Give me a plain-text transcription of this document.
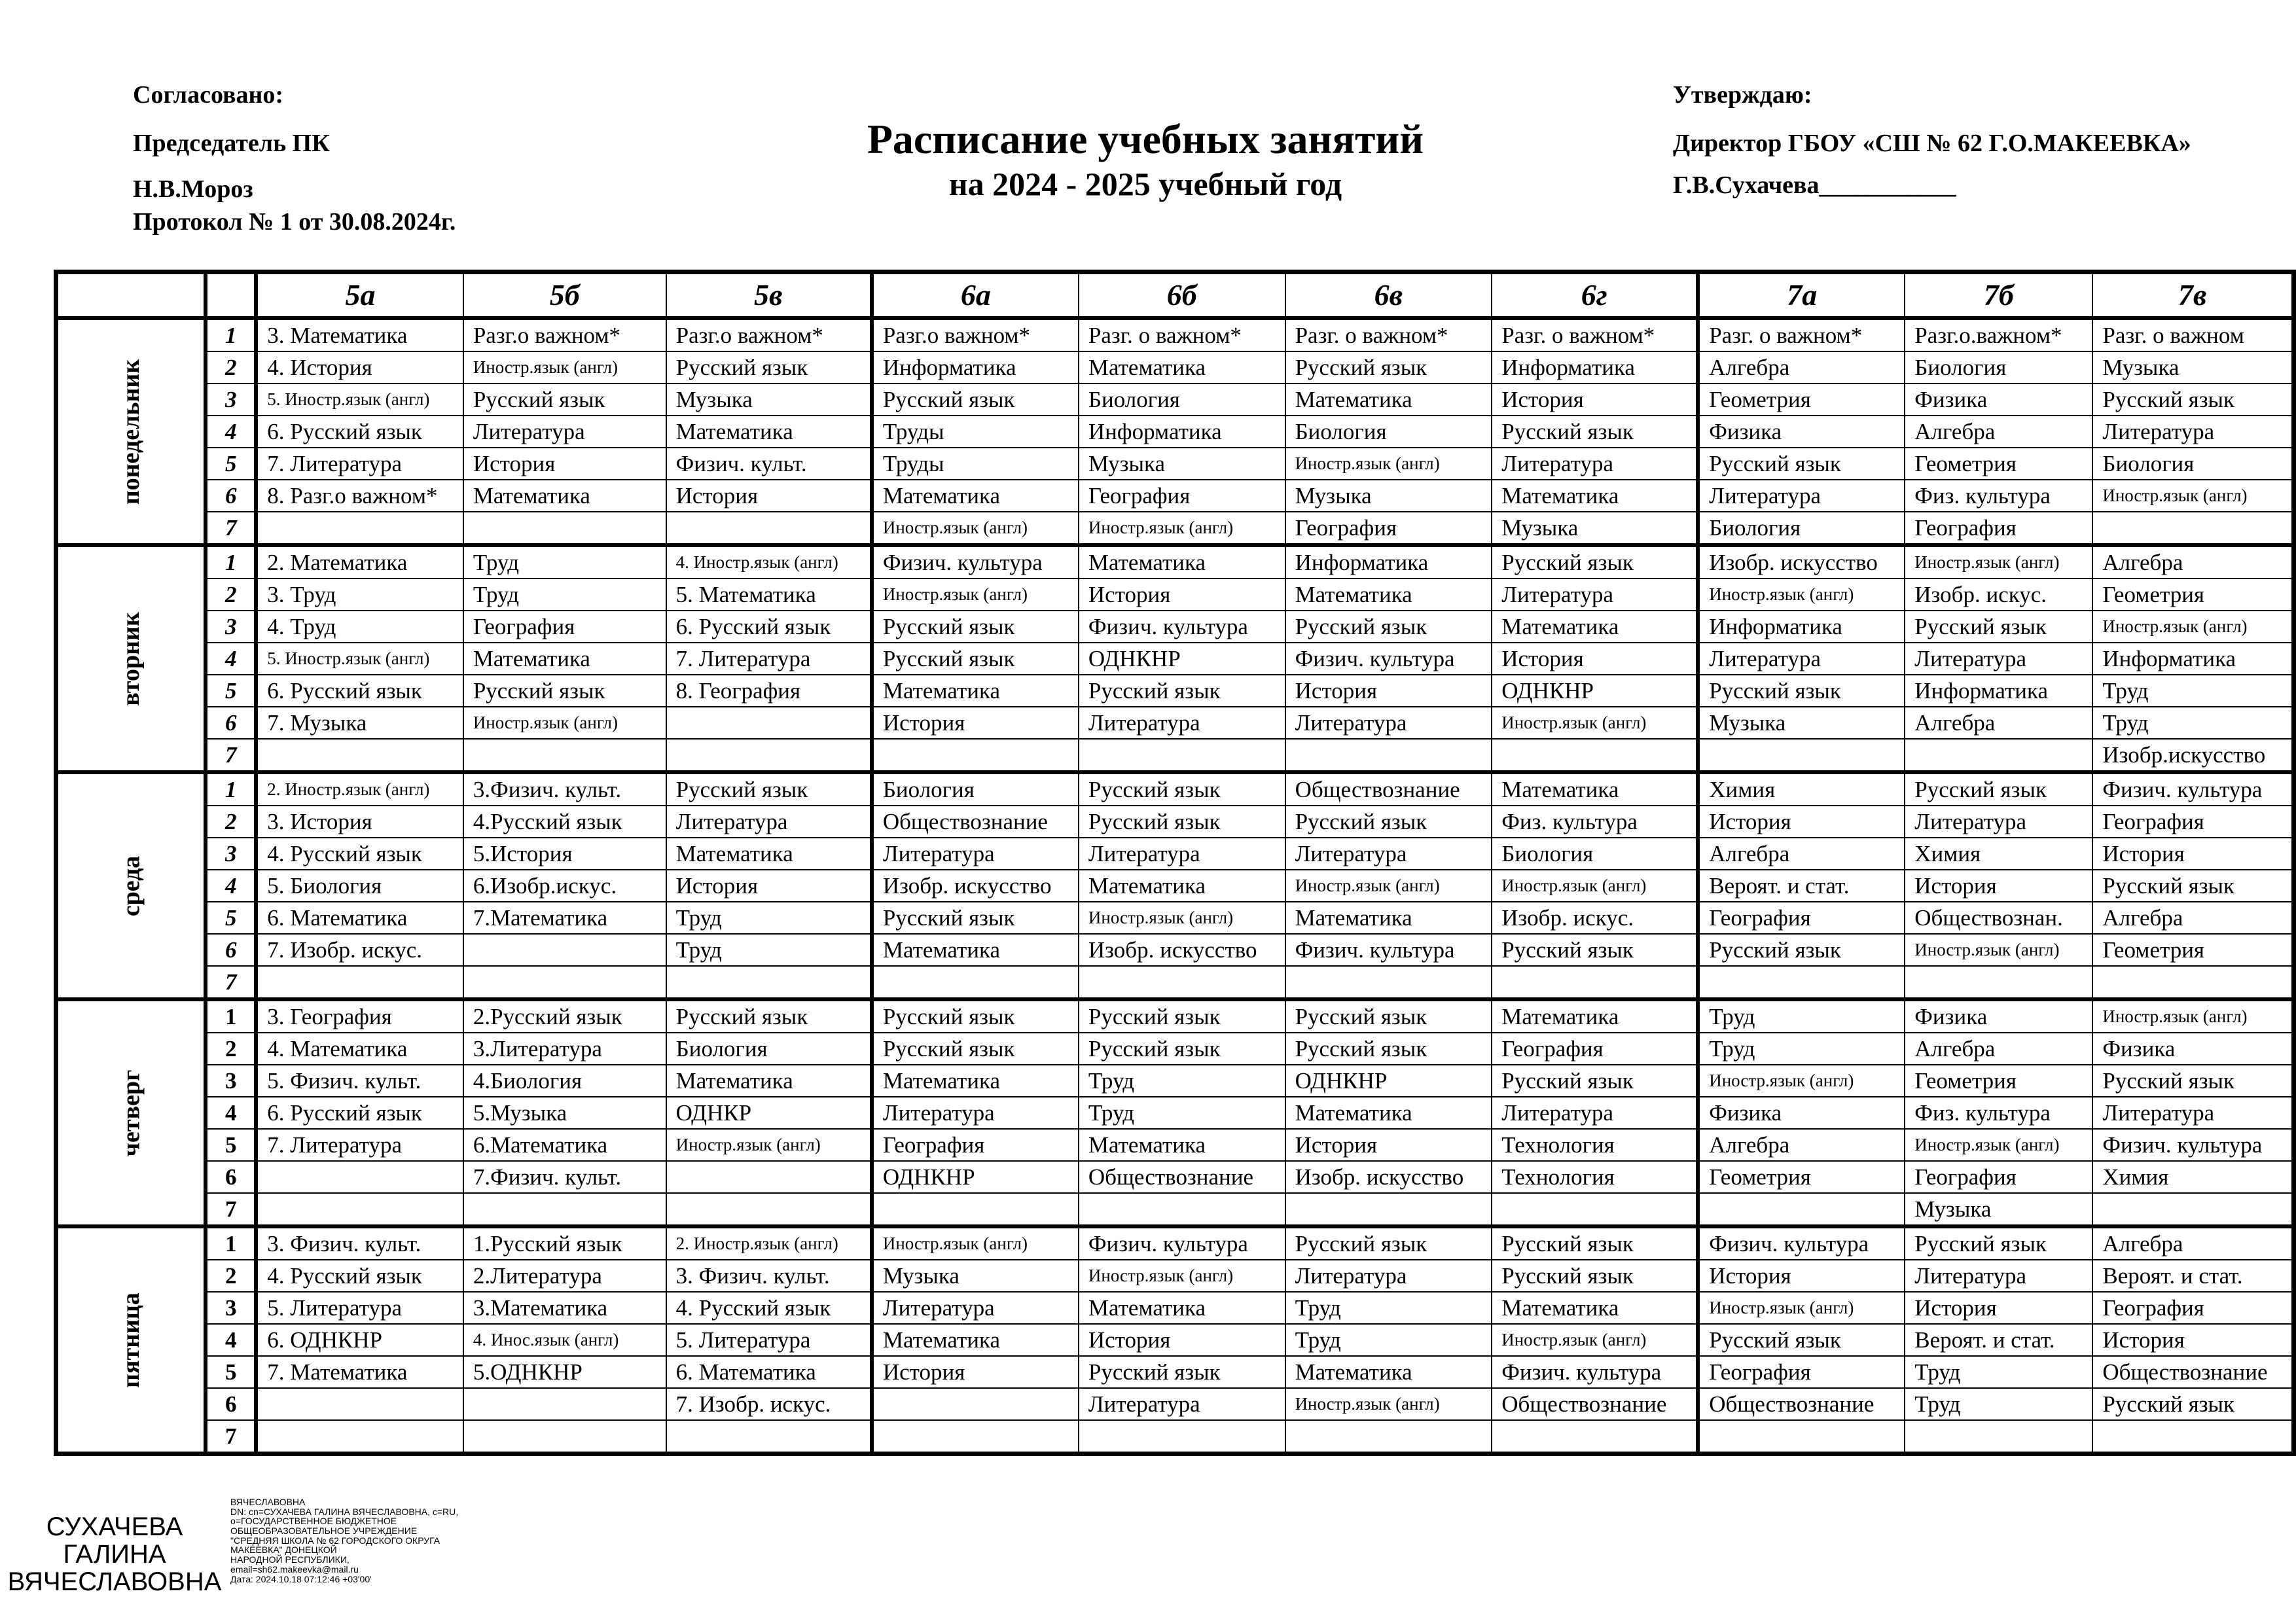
Согласовано:
Председатель ПК
Н.В.Мороз
Протокол № 1 от 30.08.2024г.
Расписание учебных занятий
на 2024 - 2025 учебный год
Утверждаю:
Директор ГБОУ «СШ № 62 Г.О.МАКЕЕВКА»
Г.В.Сухачева___________
		5а	5б	5в	6а	6б	6в	6г	7а	7б	7в
понедельник	1	3. Математика	Разг.о важном*	Разг.о важном*	Разг.о важном*	Разг. о важном*	Разг. о важном*	Разг. о важном*	Разг. о важном*	Разг.о.важном*	Разг. о важном
	2	4. История	Иностр.язык (англ)	Русский язык	Информатика	Математика	Русский язык	Информатика	Алгебра	Биология	Музыка
	3	5. Иностр.язык (англ)	Русский язык	Музыка	Русский язык	Биология	Математика	История	Геометрия	Физика	Русский язык
	4	6. Русский язык	Литература	Математика	Труды	Информатика	Биология	Русский язык	Физика	Алгебра	Литература
	5	7. Литература	История	Физич. культ.	Труды	Музыка	Иностр.язык (англ)	Литература	Русский язык	Геометрия	Биология
	6	8. Разг.о важном*	Математика	История	Математика	География	Музыка	Математика	Литература	Физ. культура	Иностр.язык (англ)
	7				Иностр.язык (англ)	Иностр.язык (англ)	География	Музыка	Биология	География	
вторник	1	2. Математика	Труд	4. Иностр.язык (англ)	Физич. культура	Математика	Информатика	Русский язык	Изобр. искусство	Иностр.язык (англ)	Алгебра
	2	3. Труд	Труд	5. Математика	Иностр.язык (англ)	История	Математика	Литература	Иностр.язык (англ)	Изобр. искус.	Геометрия
	3	4. Труд	География	6. Русский язык	Русский язык	Физич. культура	Русский язык	Математика	Информатика	Русский язык	Иностр.язык (англ)
	4	5. Иностр.язык (англ)	Математика	7. Литература	Русский язык	ОДНКНР	Физич. культура	История	Литература	Литература	Информатика
	5	6. Русский язык	Русский язык	8. География	Математика	Русский язык	История	ОДНКНР	Русский язык	Информатика	Труд
	6	7. Музыка	Иностр.язык (англ)		История	Литература	Литература	Иностр.язык (англ)	Музыка	Алгебра	Труд
	7										Изобр.искусство
среда	1	2. Иностр.язык (англ)	3.Физич. культ.	Русский язык	Биология	Русский язык	Обществознание	Математика	Химия	Русский язык	Физич. культура
	2	3. История	4.Русский язык	Литература	Обществознание	Русский язык	Русский язык	Физ. культура	История	Литература	География
	3	4. Русский язык	5.История	Математика	Литература	Литература	Литература	Биология	Алгебра	Химия	История
	4	5. Биология	6.Изобр.искус.	История	Изобр. искусство	Математика	Иностр.язык (англ)	Иностр.язык (англ)	Вероят. и стат.	История	Русский язык
	5	6. Математика	7.Математика	Труд	Русский язык	Иностр.язык (англ)	Математика	Изобр. искус.	География	Обществознан.	Алгебра
	6	7. Изобр. искус.		Труд	Математика	Изобр. искусство	Физич. культура	Русский язык	Русский язык	Иностр.язык (англ)	Геометрия
	7										
четверг	1	3. География	2.Русский язык	Русский язык	Русский язык	Русский язык	Русский язык	Математика	Труд	Физика	Иностр.язык (англ)
	2	4. Математика	3.Литература	Биология	Русский язык	Русский язык	Русский язык	География	Труд	Алгебра	Физика
	3	5. Физич. культ.	4.Биология	Математика	Математика	Труд	ОДНКНР	Русский язык	Иностр.язык (англ)	Геометрия	Русский язык
	4	6. Русский язык	5.Музыка	ОДНКР	Литература	Труд	Математика	Литература	Физика	Физ. культура	Литература
	5	7. Литература	6.Математика	Иностр.язык (англ)	География	Математика	История	Технология	Алгебра	Иностр.язык (англ)	Физич. культура
	6		7.Физич. культ.		ОДНКНР	Обществознание	Изобр. искусство	Технология	Геометрия	География	Химия
	7									Музыка	
пятница	1	3. Физич. культ.	1.Русский язык	2. Иностр.язык (англ)	Иностр.язык (англ)	Физич. культура	Русский язык	Русский язык	Физич. культура	Русский язык	Алгебра
	2	4. Русский язык	2.Литература	3. Физич. культ.	Музыка	Иностр.язык (англ)	Литература	Русский язык	История	Литература	Вероят. и стат.
	3	5. Литература	3.Математика	4. Русский язык	Литература	Математика	Труд	Математика	Иностр.язык (англ)	История	География
	4	6. ОДНКНР	4. Инос.язык (англ)	5. Литература	Математика	История	Труд	Иностр.язык (англ)	Русский язык	Вероят. и стат.	История
	5	7. Математика	5.ОДНКНР	6. Математика	История	Русский язык	Математика	Физич. культура	География	Труд	Обществознание
	6			7. Изобр. искус.		Литература	Иностр.язык (англ)	Обществознание	Обществознание	Труд	Русский язык
	7										
СУХАЧЕВА
ГАЛИНА
ВЯЧЕСЛАВОВНА
ВЯЧЕСЛАВОВНА
DN: cn=СУХАЧЕВА ГАЛИНА ВЯЧЕСЛАВОВНА, c=RU,
o=ГОСУДАРСТВЕННОЕ БЮДЖЕТНОЕ ОБЩЕОБРАЗОВАТЕЛЬНОЕ УЧРЕЖДЕНИЕ
"СРЕДНЯЯ ШКОЛА № 62 ГОРОДСКОГО ОКРУГА МАКЕЕВКА" ДОНЕЦКОЙ
НАРОДНОЙ РЕСПУБЛИКИ,
email=sh62.makeevka@mail.ru
Дата: 2024.10.18 07:12:46 +03'00'
